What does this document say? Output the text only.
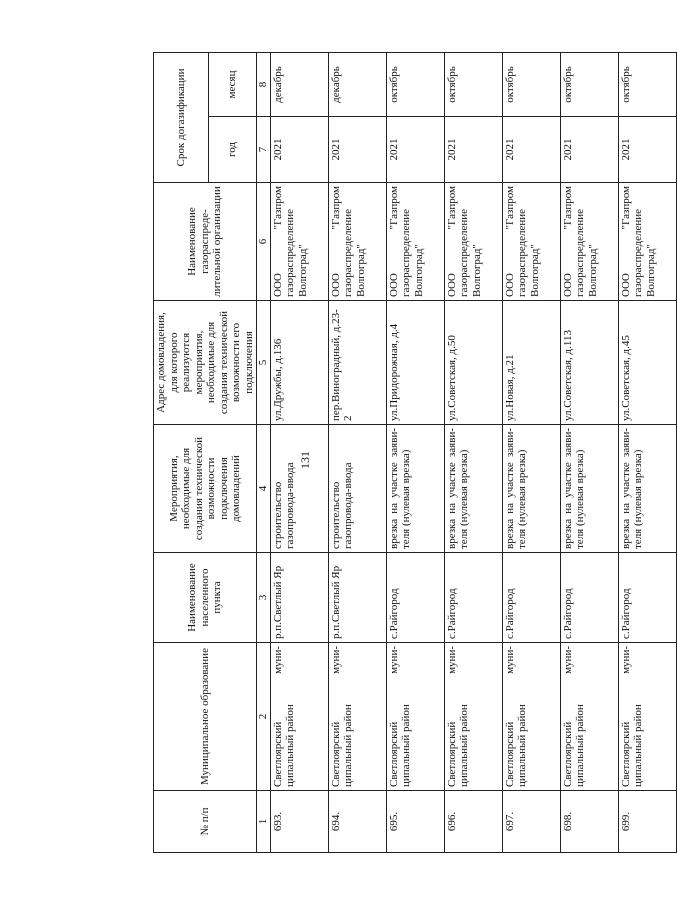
131
№ п/п	Муниципальное образование	Наименование населенного пункта	Мероприятия, необходимые для создания технической возможности подключения домовладений	Адрес домовладения, для которого реализуются мероприятия, необходимые для создания технической возможности его подключения	Наименование газораспреде-лительной организации	Срок догазификации	
						год	месяц
1	2	3	4	5	6	7	8
693.	Светлоярский муни-ципальный район	р.п.Светлый Яр	строительство газопровода-ввода	ул.Дружбы, д.136	ООО "Газпром газораспределение Волгоград"	2021	декабрь
694.	Светлоярский муни-ципальный район	р.п.Светлый Яр	строительство газопровода-ввода	пер.Виноградный, д.23-2	ООО "Газпром газораспределение Волгоград"	2021	декабрь
695.	Светлоярский муни-ципальный район	с.Райгород	врезка на участке заяви-теля (нулевая врезка)	ул.Придорожная, д.4	ООО "Газпром газораспределение Волгоград"	2021	октябрь
696.	Светлоярский муни-ципальный район	с.Райгород	врезка на участке заяви-теля (нулевая врезка)	ул.Советская, д.50	ООО "Газпром газораспределение Волгоград"	2021	октябрь
697.	Светлоярский муни-ципальный район	с.Райгород	врезка на участке заяви-теля (нулевая врезка)	ул.Новая, д.21	ООО "Газпром газораспределение Волгоград"	2021	октябрь
698.	Светлоярский муни-ципальный район	с.Райгород	врезка на участке заяви-теля (нулевая врезка)	ул.Советская, д.113	ООО "Газпром газораспределение Волгоград"	2021	октябрь
699.	Светлоярский муни-ципальный район	с.Райгород	врезка на участке заяви-теля (нулевая врезка)	ул.Советская, д.45	ООО "Газпром газораспределение Волгоград"	2021	октябрь
